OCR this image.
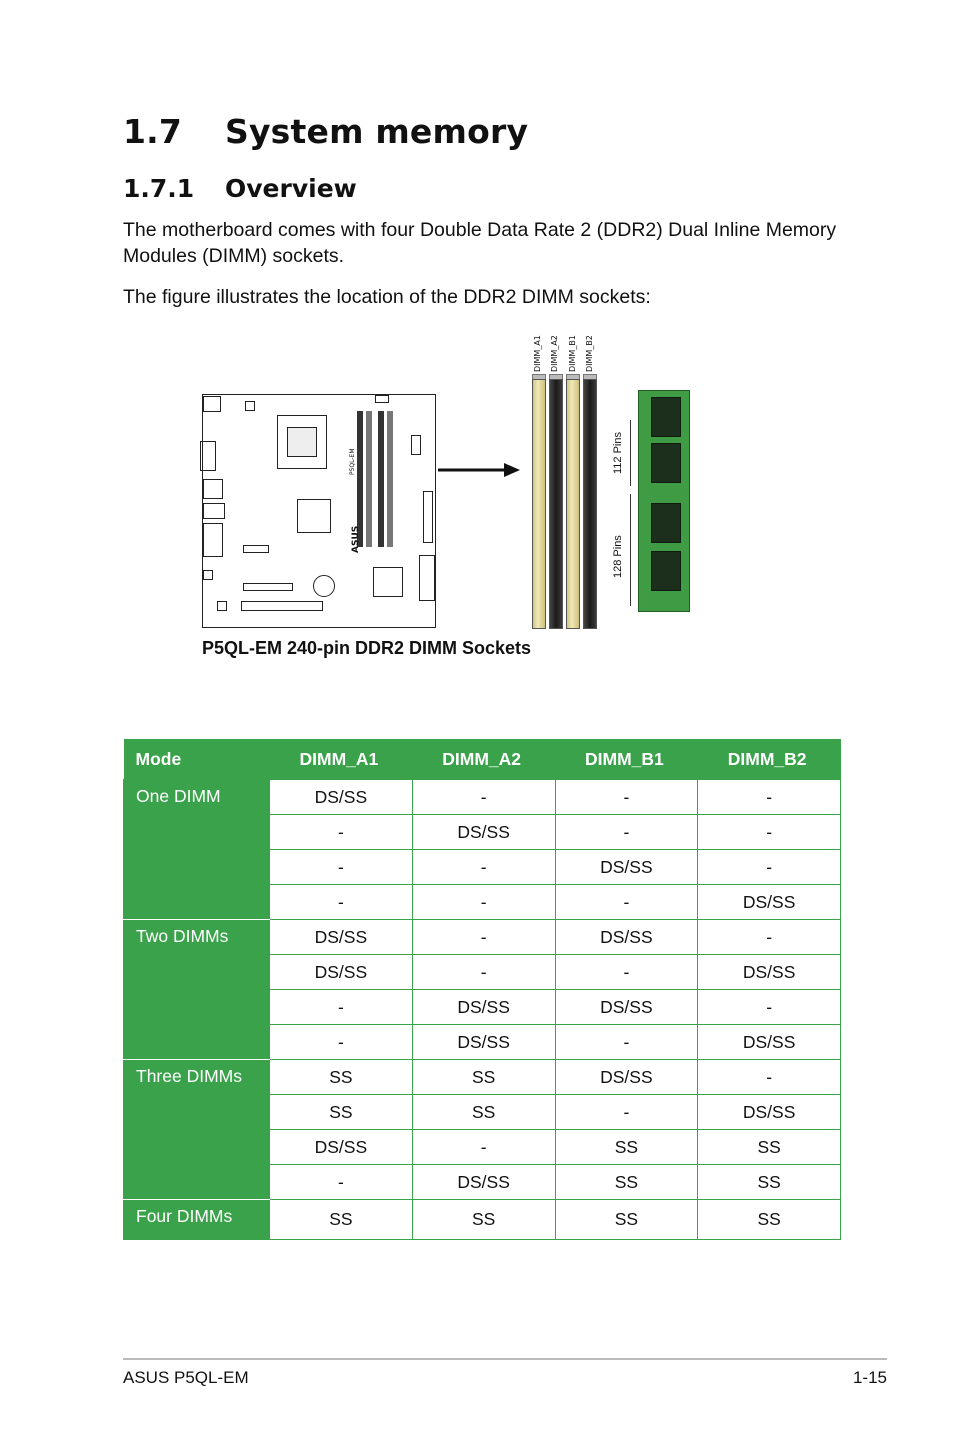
1.7 System memory
1.7.1 Overview
The motherboard comes with four Double Data Rate 2 (DDR2) Dual Inline Memory Modules (DIMM) sockets.
The figure illustrates the location of the DDR2 DIMM sockets:
P5QL-EM
ASUS
DIMM_A1 DIMM_A2 DIMM_B1 DIMM_B2
112 Pins
128 Pins
P5QL-EM 240-pin DDR2 DIMM Sockets
Mode	DIMM_A1	DIMM_A2	DIMM_B1	DIMM_B2
One DIMM	DS/SS	-	-	-
	-	DS/SS	-	-
	-	-	DS/SS	-
	-	-	-	DS/SS
Two DIMMs	DS/SS	-	DS/SS	-
	DS/SS	-	-	DS/SS
	-	DS/SS	DS/SS	-
	-	DS/SS	-	DS/SS
Three DIMMs	SS	SS	DS/SS	-
	SS	SS	-	DS/SS
	DS/SS	-	SS	SS
	-	DS/SS	SS	SS
Four DIMMs	SS	SS	SS	SS
ASUS P5QL-EM	1-15
